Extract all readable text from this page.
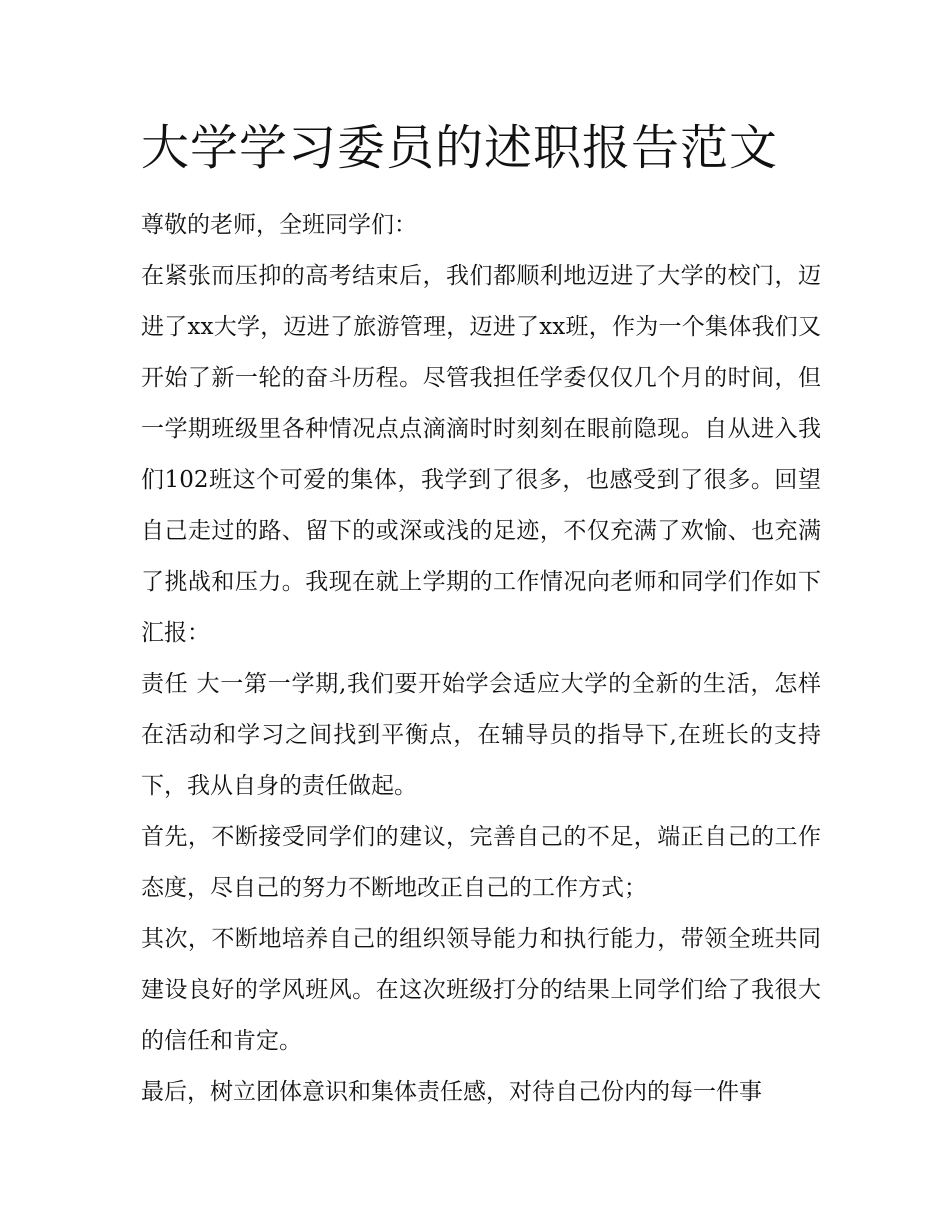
大学学习委员的述职报告范文

尊敬的老师，全班同学们：

在紧张而压抑的高考结束后，我们都顺利地迈进了大学的校门，迈进了xx大学，迈进了旅游管理，迈进了xx班，作为一个集体我们又开始了新一轮的奋斗历程。尽管我担任学委仅仅几个月的时间，但一学期班级里各种情况点点滴滴时时刻刻在眼前隐现。自从进入我们102班这个可爱的集体，我学到了很多，也感受到了很多。回望自己走过的路、留下的或深或浅的足迹，不仅充满了欢愉、也充满了挑战和压力。我现在就上学期的工作情况向老师和同学们作如下汇报：

责任 大一第一学期,我们要开始学会适应大学的全新的生活，怎样在活动和学习之间找到平衡点，在辅导员的指导下,在班长的支持下，我从自身的责任做起。

首先，不断接受同学们的建议，完善自己的不足，端正自己的工作态度，尽自己的努力不断地改正自己的工作方式；

其次，不断地培养自己的组织领导能力和执行能力，带领全班共同建设良好的学风班风。在这次班级打分的结果上同学们给了我很大的信任和肯定。

最后，树立团体意识和集体责任感，对待自己份内的每一件事
